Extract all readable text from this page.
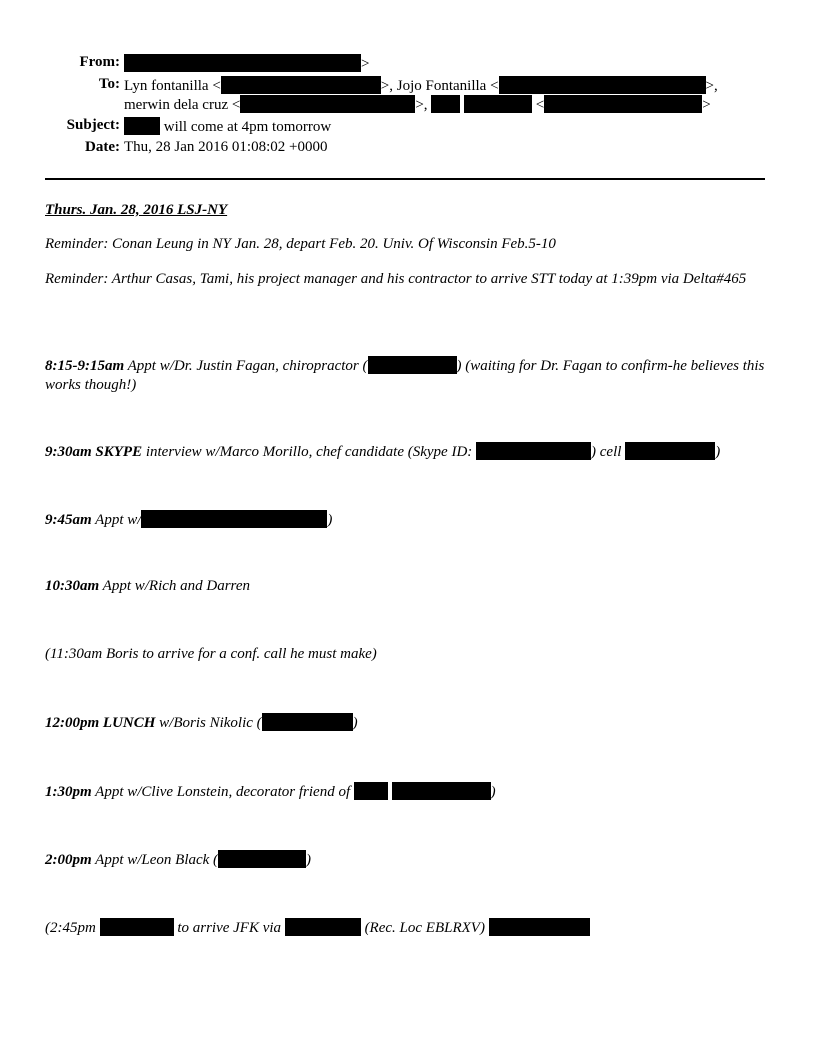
From:	>
To: Lyn fontanilla <	>, Jojo Fontanilla <	>,
merwin dela cruz <	>,	<	>
Subject:	will come at 4pm tomorrow
Date: Thu, 28 Jan 2016 01:08:02 +0000
Thurs. Jan. 28, 2016 LSJ-NY
Reminder: Conan Leung in NY Jan. 28, depart Feb. 20. Univ. Of Wisconsin Feb.5-10
Reminder: Arthur Casas, Tami, his project manager and his contractor to arrive STT today at 1:39pm via Delta#465
8:15-9:15am Appt w/Dr. Justin Fagan, chiropractor (	) (waiting for Dr. Fagan to confirm-he believes this works though!)
9:30am SKYPE interview w/Marco Morillo, chef candidate (Skype ID:	) cell	)
9:45am Appt w/	)
10:30am Appt w/Rich and Darren
(11:30am Boris to arrive for a conf. call he must make)
12:00pm LUNCH w/Boris Nikolic (	)
1:30pm Appt w/Clive Lonstein, decorator friend of	)
2:00pm Appt w/Leon Black (	)
(2:45pm	to arrive JFK via	(Rec. Loc EBLRXV)
